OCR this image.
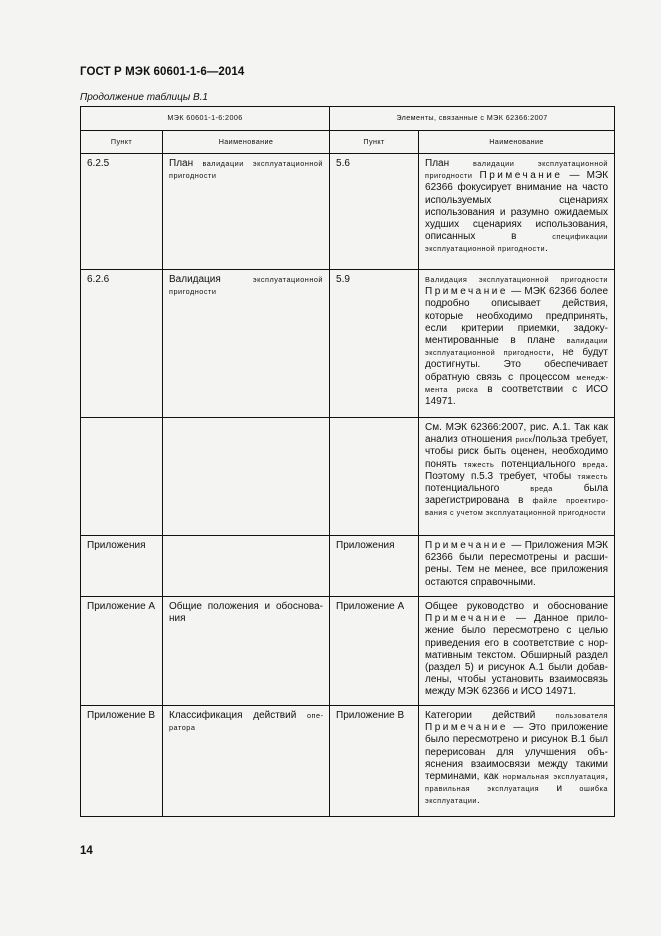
ГОСТ Р МЭК 60601-1-6—2014
Продолжение таблицы В.1
МЭК 60601-1-6:2006		Элементы, связанные с МЭК 62366:2007	
Пункт	Наименование	Пункт	Наименование
6.2.5	План валидации эксплуатационной пригодности	5.6	План валидации эксплуатационной пригодности Примечание — МЭК 62366 фокусирует внимание на часто используемых сценариях использования и разумно ожидаемых худших сценариях использования, описанных в спецификации эксплуатационной пригодности.
6.2.6	Валидация эксплуатационной пригодности	5.9	Валидация эксплуатационной пригодности Примечание — МЭК 62366 более подробно описывает действия, которые необходимо предпринять, если критерии приемки, задокументированные в плане валидации эксплуатационной пригодности, не будут достигнуты. Это обеспечивает обратную связь с процессом менеджмента риска в соответствии с ИСО 14971.
			См. МЭК 62366:2007, рис. А.1. Так как анализ отношения риск/польза требует, чтобы риск быть оценен, необходимо понять тяжесть потенциального вреда. Поэтому п.5.3 требует, чтобы тяжесть потенциального вреда была зарегистрирована в файле проектирования с учетом эксплуатационной пригодности
Приложения		Приложения	Примечание — Приложения МЭК 62366 были пересмотрены и расширены. Тем не менее, все приложения остаются справочными.
Приложение А	Общие положения и обоснования	Приложение А	Общее руководство и обоснование Примечание — Данное приложение было пересмотрено с целью приведения его в соответствие с нормативным текстом. Обширный раздел (раздел 5) и рисунок А.1 были добавлены, чтобы установить взаимосвязь между МЭК 62366 и ИСО 14971.
Приложение В	Классификация действий оператора	Приложение В	Категории действий пользователя Примечание — Это приложение было пересмотрено и рисунок В.1 был перерисован для улучшения объяснения взаимосвязи между такими терминами, как нормальная эксплуатация, правильная эксплуатация и ошибка эксплуатации.
14
